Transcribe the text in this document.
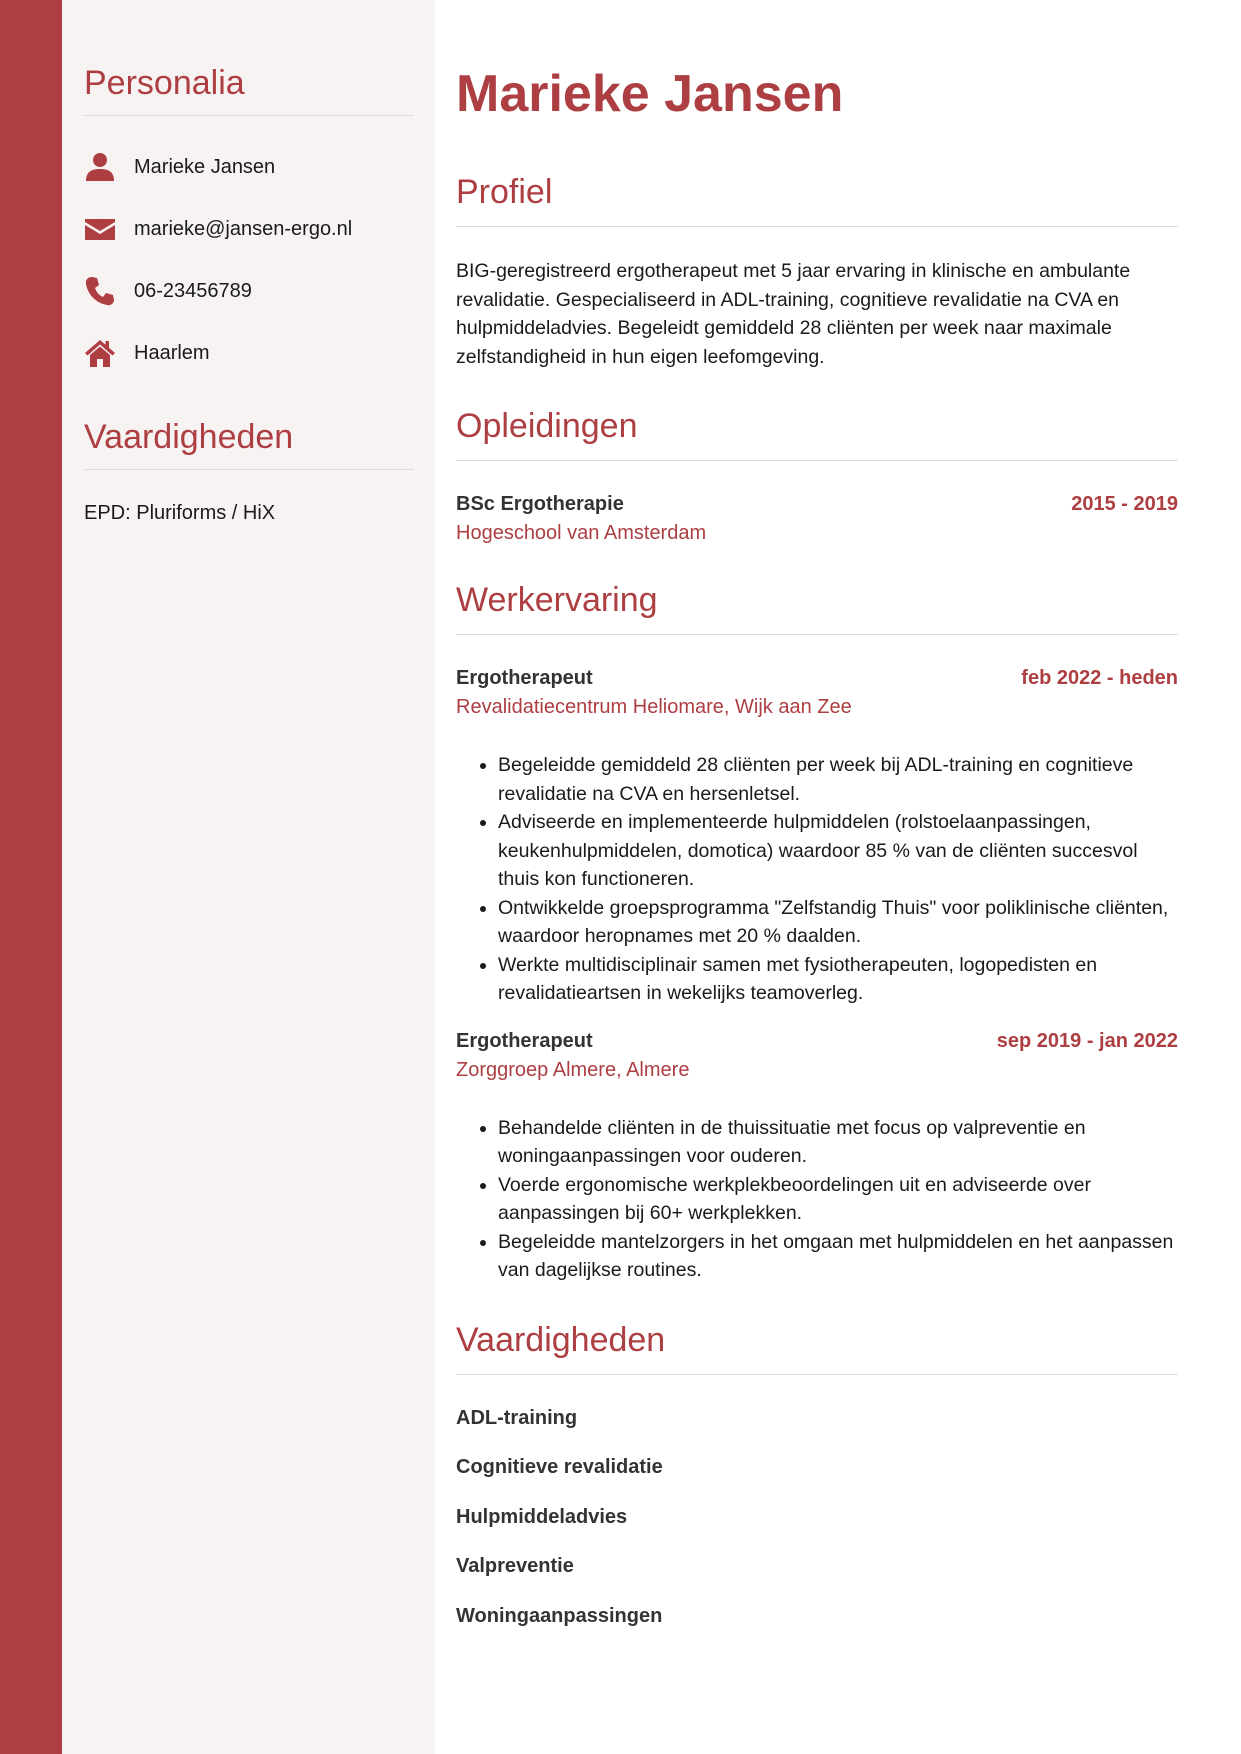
Personalia
Marieke Jansen
marieke@jansen-ergo.nl
06-23456789
Haarlem
Vaardigheden
EPD: Pluriforms / HiX
Marieke Jansen
Profiel

BIG-geregistreerd ergotherapeut met 5 jaar ervaring in klinische en ambulante revalidatie. Gespecialiseerd in ADL-training, cognitieve revalidatie na CVA en hulpmiddeladvies. Begeleidt gemiddeld 28 cliënten per week naar maximale zelfstandigheid in hun eigen leefomgeving.

Opleidingen
BSc Ergotherapie	2015 - 2019
Hogeschool van Amsterdam
Werkervaring
Ergotherapeut	feb 2022 - heden
Revalidatiecentrum Heliomare, Wijk aan Zee
• Begeleidde gemiddeld 28 cliënten per week bij ADL-training en cognitieve revalidatie na CVA en hersenletsel.
• Adviseerde en implementeerde hulpmiddelen (rolstoelaanpassingen, keukenhulpmiddelen, domotica) waardoor 85 % van de cliënten succesvol thuis kon functioneren.
• Ontwikkelde groepsprogramma "Zelfstandig Thuis" voor poliklinische cliënten, waardoor heropnames met 20 % daalden.
• Werkte multidisciplinair samen met fysiotherapeuten, logopedisten en revalidatieartsen in wekelijks teamoverleg.
Ergotherapeut	sep 2019 - jan 2022
Zorggroep Almere, Almere
• Behandelde cliënten in de thuissituatie met focus op valpreventie en woningaanpassingen voor ouderen.
• Voerde ergonomische werkplekbeoordelingen uit en adviseerde over aanpassingen bij 60+ werkplekken.
• Begeleidde mantelzorgers in het omgaan met hulpmiddelen en het aanpassen van dagelijkse routines.
Vaardigheden
ADL-training
Cognitieve revalidatie
Hulpmiddeladvies
Valpreventie
Woningaanpassingen
